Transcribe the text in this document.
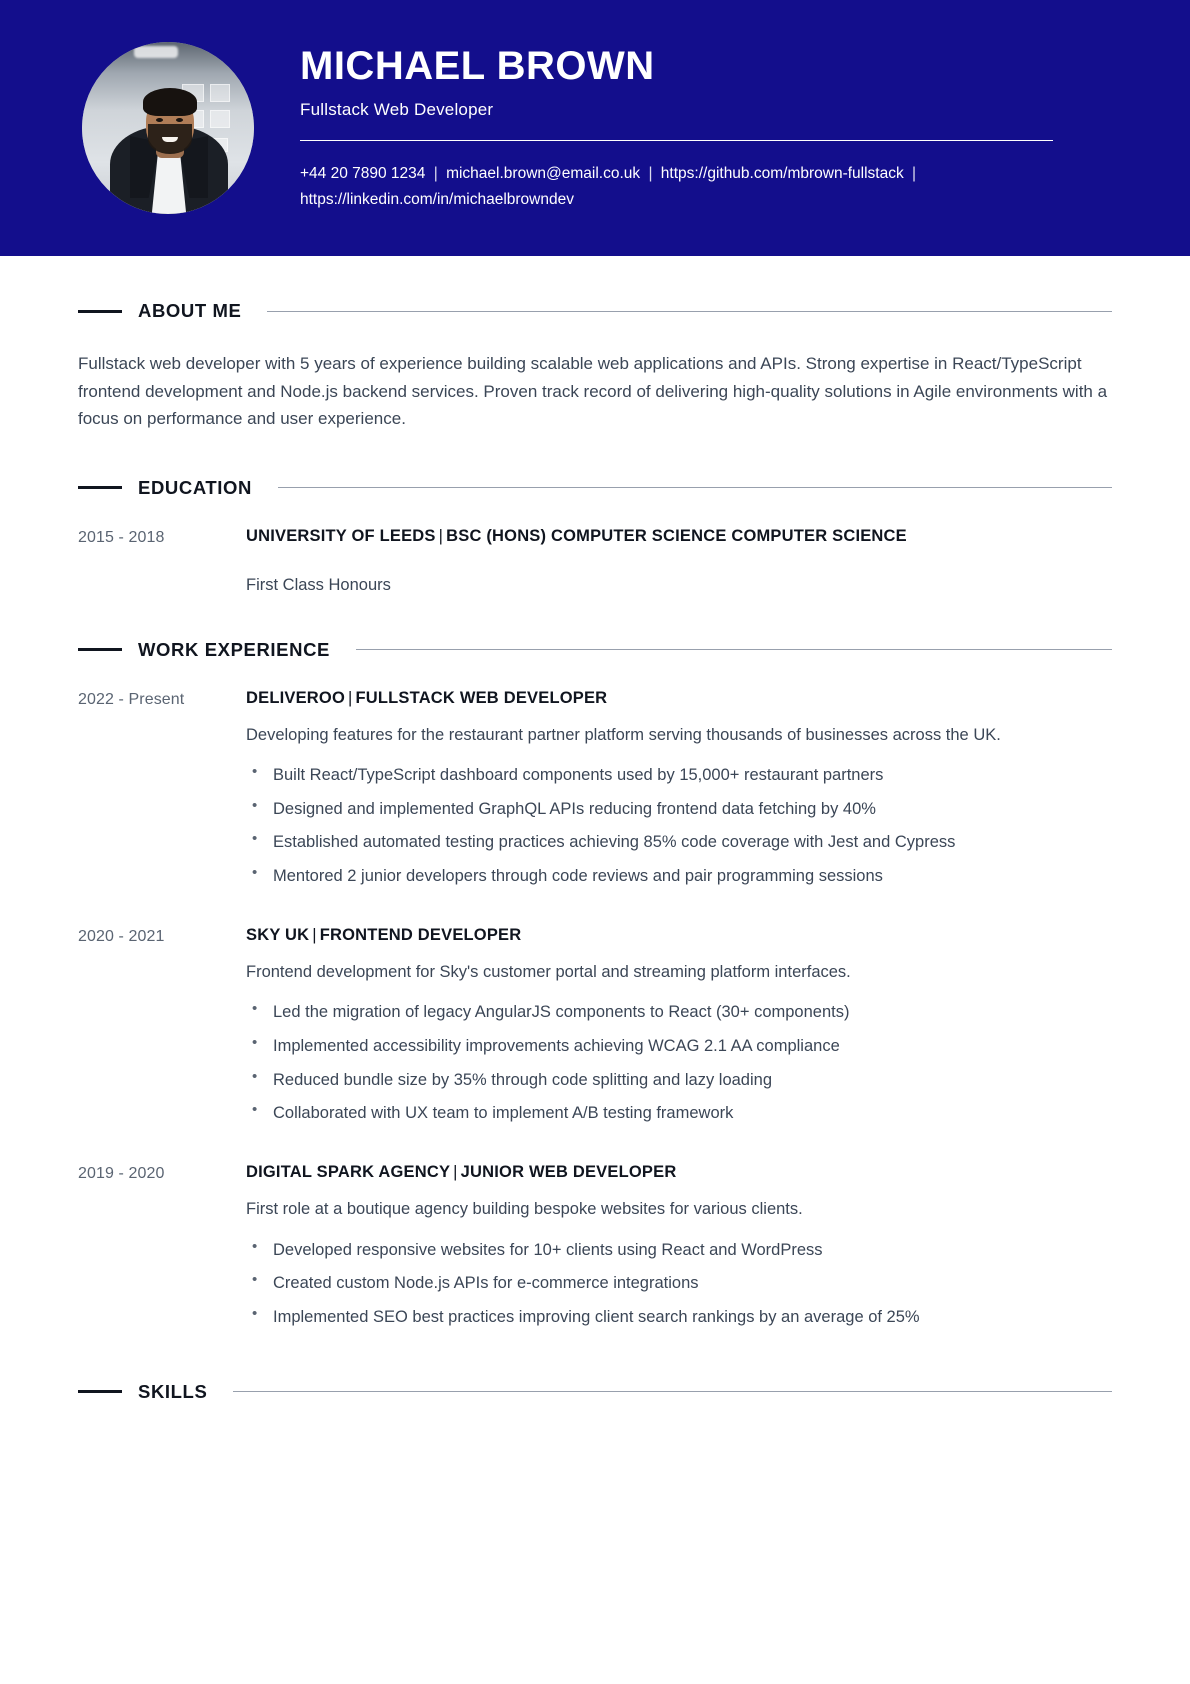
MICHAEL BROWN
Fullstack Web Developer
+44 20 7890 1234 | michael.brown@email.co.uk | https://github.com/mbrown-fullstack | https://linkedin.com/in/michaelbrowndev
ABOUT ME
Fullstack web developer with 5 years of experience building scalable web applications and APIs. Strong expertise in React/TypeScript frontend development and Node.js backend services. Proven track record of delivering high-quality solutions in Agile environments with a focus on performance and user experience.
EDUCATION
2015 - 2018	UNIVERSITY OF LEEDS | BSC (HONS) COMPUTER SCIENCE COMPUTER SCIENCE
First Class Honours
WORK EXPERIENCE
2022 - Present	DELIVEROO | FULLSTACK WEB DEVELOPER
Developing features for the restaurant partner platform serving thousands of businesses across the UK.
• Built React/TypeScript dashboard components used by 15,000+ restaurant partners
• Designed and implemented GraphQL APIs reducing frontend data fetching by 40%
• Established automated testing practices achieving 85% code coverage with Jest and Cypress
• Mentored 2 junior developers through code reviews and pair programming sessions
2020 - 2021	SKY UK | FRONTEND DEVELOPER
Frontend development for Sky's customer portal and streaming platform interfaces.
• Led the migration of legacy AngularJS components to React (30+ components)
• Implemented accessibility improvements achieving WCAG 2.1 AA compliance
• Reduced bundle size by 35% through code splitting and lazy loading
• Collaborated with UX team to implement A/B testing framework
2019 - 2020	DIGITAL SPARK AGENCY | JUNIOR WEB DEVELOPER
First role at a boutique agency building bespoke websites for various clients.
• Developed responsive websites for 10+ clients using React and WordPress
• Created custom Node.js APIs for e-commerce integrations
• Implemented SEO best practices improving client search rankings by an average of 25%
SKILLS
